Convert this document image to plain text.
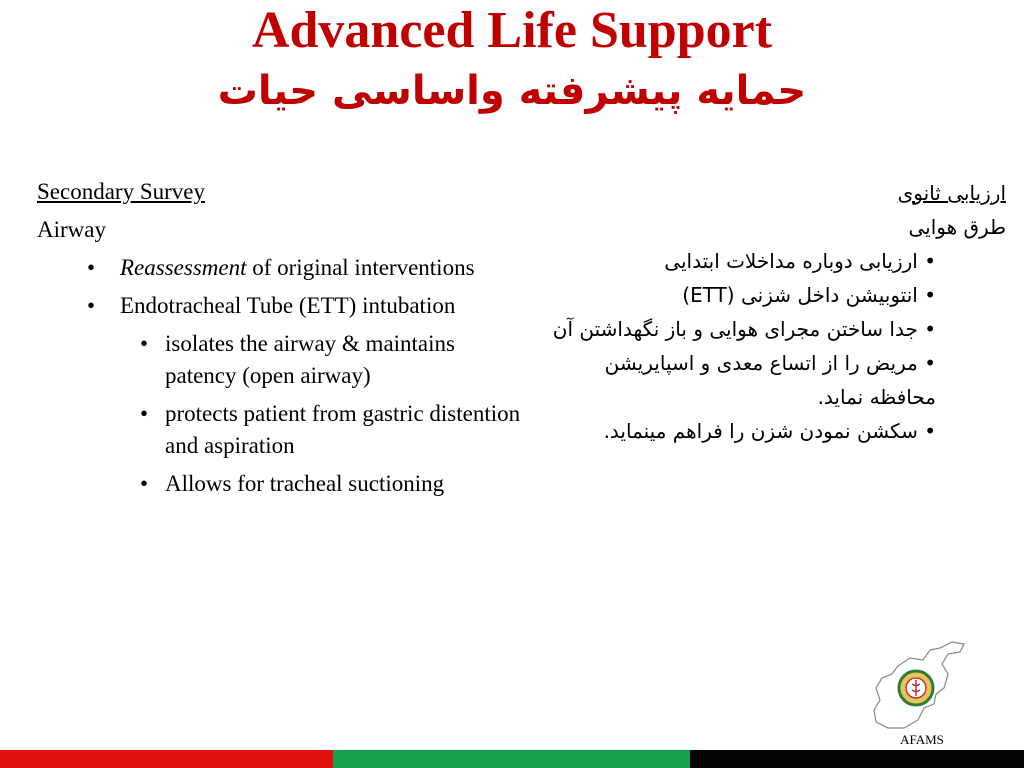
Advanced Life Support
حمایه پیشرفته واساسی حیات
Secondary Survey
Airway
• Reassessment of original interventions
• Endotracheal Tube (ETT) intubation
• isolates the airway & maintains patency (open airway)
• protects patient from gastric distention and aspiration
• Allows for tracheal suctioning
ارزیابی ثانوی
طرق هوایی
• ارزیابی دوباره مداخلات ابتدایی
• انتوبیشن داخل شزنی (ETT)
• جدا ساختن مجرای هوایی و باز نگهداشتن آن
• مریض را از اتساع معدی و اسپایریشن محافظه نماید.
• سکشن نمودن شزن را فراهم مینماید.
AFAMS
